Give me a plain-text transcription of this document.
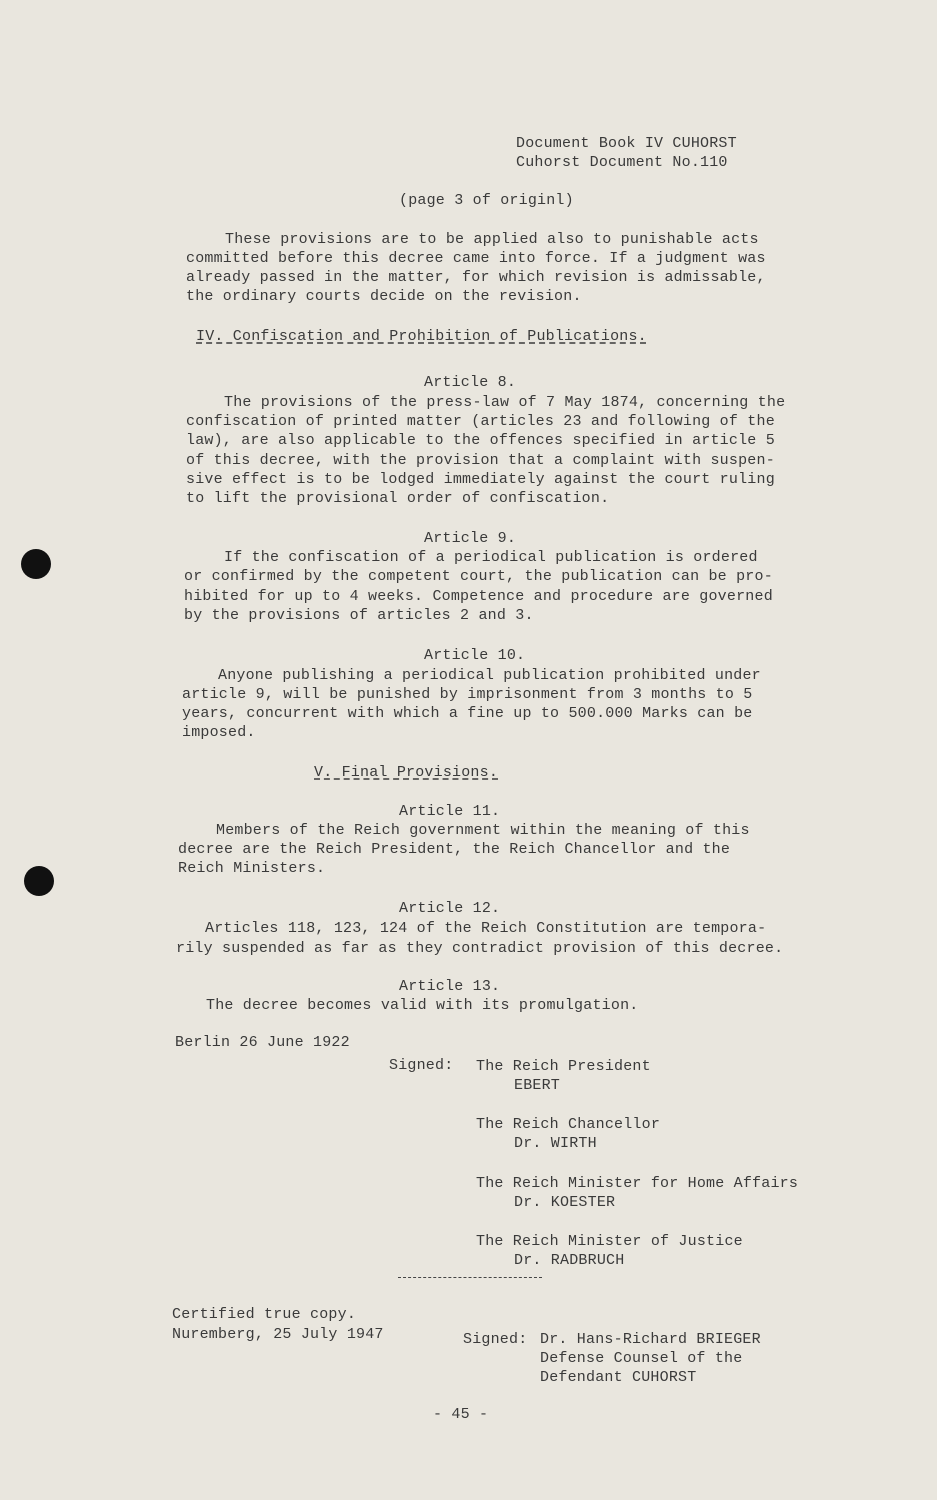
Document Book IV CUHORST
Cuhorst Document No.110
(page 3 of originl)
These provisions are to be applied also to punishable acts
committed before this decree came into force. If a judgment was
already passed in the matter, for which revision is admissable,
the ordinary courts decide on the revision.
IV. Confiscation and Prohibition of Publications.
Article 8.
The provisions of the press-law of 7 May 1874, concerning the
confiscation of printed matter (articles 23 and following of the
law), are also applicable to the offences specified in article 5
of this decree, with the provision that a complaint with suspen-
sive effect is to be lodged immediately against the court ruling
to lift the provisional order of confiscation.
Article 9.
If the confiscation of a periodical publication is ordered
or confirmed by the competent court, the publication can be pro-
hibited for up to 4 weeks. Competence and procedure are governed
by the provisions of articles 2 and 3.
Article 10.
Anyone publishing a periodical publication prohibited under
article 9, will be punished by imprisonment from 3 months to 5
years, concurrent with which a fine up to 500.000 Marks can be
imposed.
V. Final Provisions.
Article 11.
Members of the Reich government within the meaning of this
decree are the Reich President, the Reich Chancellor and the
Reich Ministers.
Article 12.
Articles 118, 123, 124 of the Reich Constitution are tempora-
rily suspended as far as they contradict provision of this decree.
Article 13.
The decree becomes valid with its promulgation.
Berlin 26 June 1922
Signed: The Reich President
EBERT
The Reich Chancellor
Dr. WIRTH
The Reich Minister for Home Affairs
Dr. KOESTER
The Reich Minister of Justice
Dr. RADBRUCH
Certified true copy.
Nuremberg, 25 July 1947	Signed: Dr. Hans-Richard BRIEGER
Defense Counsel of the
Defendant CUHORST
- 45 -
